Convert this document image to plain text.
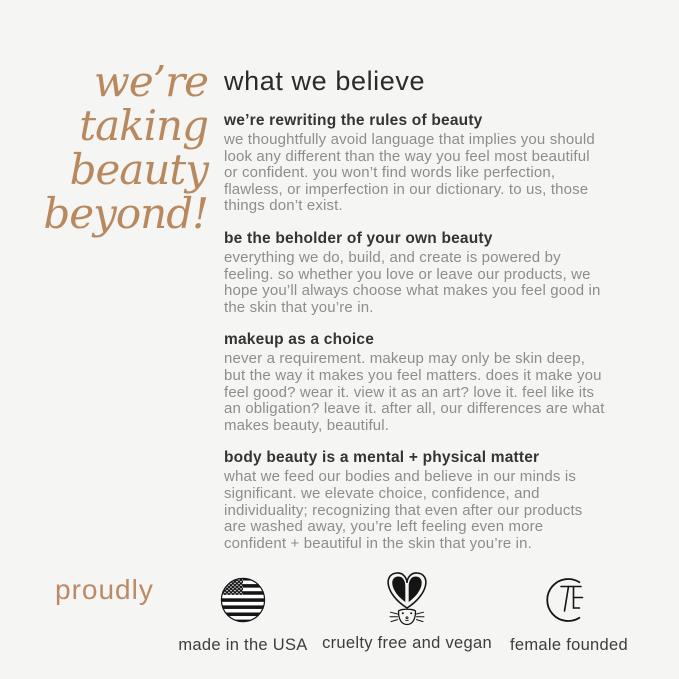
we’re
taking
beauty
beyond!
what we believe
we’re rewriting the rules of beauty

we thoughtfully avoid language that implies you should look any different than the way you feel most beautiful or confident. you won’t find words like perfection, flawless, or imperfection in our dictionary. to us, those things don’t exist.

be the beholder of your own beauty

everything we do, build, and create is powered by feeling. so whether you love or leave our products, we hope you’ll always choose what makes you feel good in the skin that you’re in.

makeup as a choice

never a requirement. makeup may only be skin deep, but the way it makes you feel matters. does it make you feel good? wear it. view it as an art? love it. feel like its an obligation? leave it. after all, our differences are what makes beauty, beautiful.

body beauty is a mental + physical matter

what we feed our bodies and believe in our minds is significant. we elevate choice, confidence, and individuality; recognizing that even after our products are washed away, you’re left feeling even more confident + beautiful in the skin that you’re in.

proudly
made in the USA cruelty free and vegan female founded
